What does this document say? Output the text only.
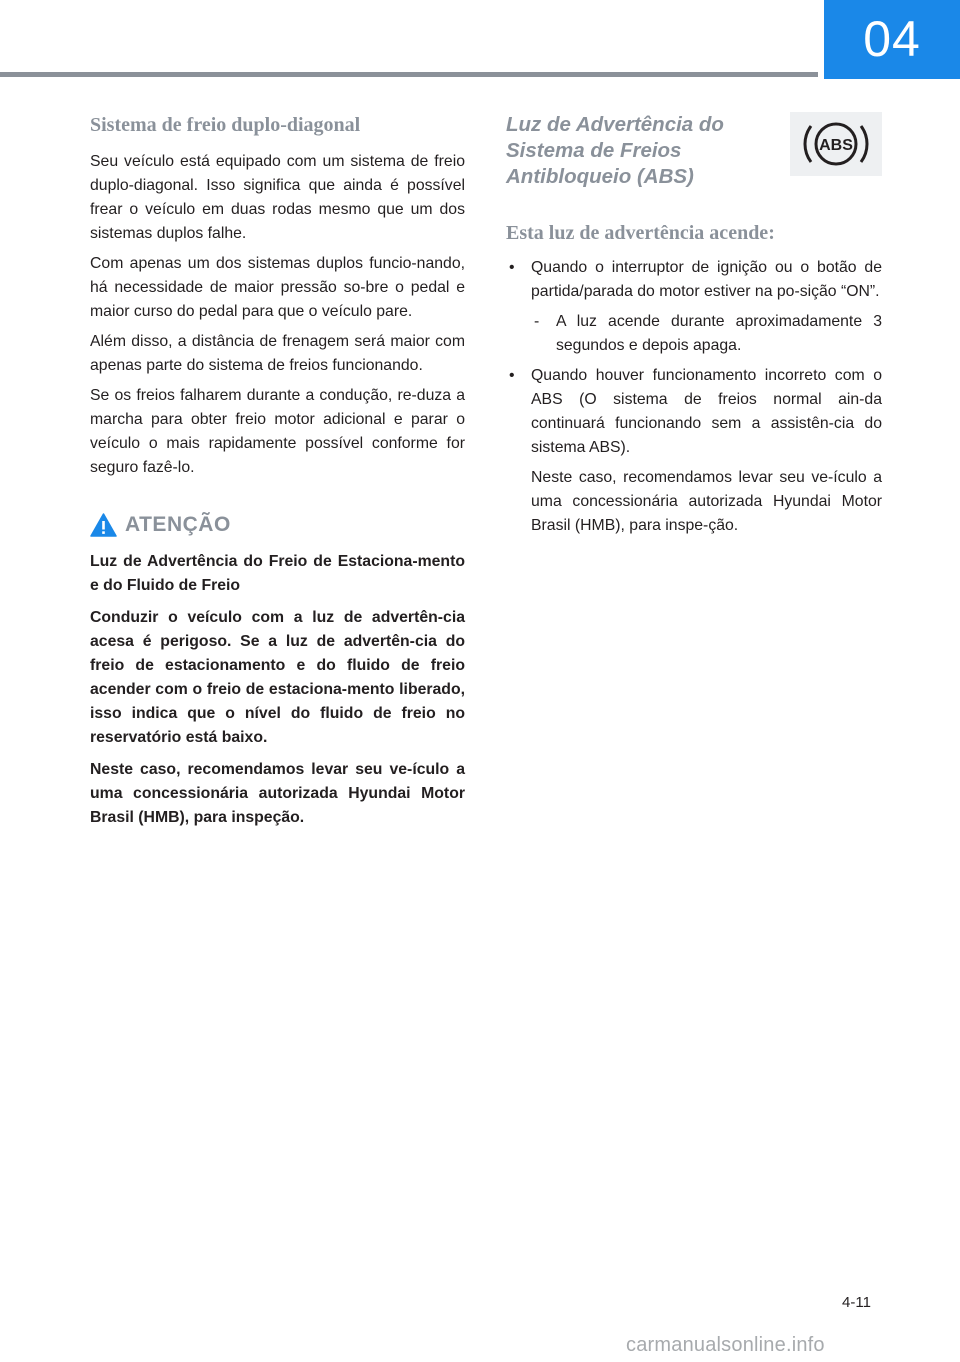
04
Sistema de freio duplo-diagonal

Seu veículo está equipado com um sistema de freio duplo-diagonal. Isso significa que ainda é possível frear o veículo em duas rodas mesmo que um dos sistemas duplos falhe.

Com apenas um dos sistemas duplos funcio-nando, há necessidade de maior pressão so-bre o pedal e maior curso do pedal para que o veículo pare.

Além disso, a distância de frenagem será maior com apenas parte do sistema de freios funcionando.

Se os freios falharem durante a condução, re-duza a marcha para obter freio motor adicional e parar o veículo o mais rapidamente possível conforme for seguro fazê-lo.

ATENÇÃO

Luz de Advertência do Freio de Estaciona-mento e do Fluido de Freio

Conduzir o veículo com a luz de advertên-cia acesa é perigoso. Se a luz de advertên-cia do freio de estacionamento e do fluido de freio acender com o freio de estaciona-mento liberado, isso indica que o nível do fluido de freio no reservatório está baixo.

Neste caso, recomendamos levar seu ve-ículo a uma concessionária autorizada Hyundai Motor Brasil (HMB), para inspeção.

Luz de Advertência do Sistema de Freios Antibloqueio (ABS)
ABS
Esta luz de advertência acende:
• Quando o interruptor de ignição ou o botão de partida/parada do motor estiver na po-sição “ON”.

- A luz acende durante aproximadamente 3 segundos e depois apaga.

• Quando houver funcionamento incorreto com o ABS (O sistema de freios normal ain-da continuará funcionando sem a assistên-cia do sistema ABS).

Neste caso, recomendamos levar seu ve-ículo a uma concessionária autorizada Hyundai Motor Brasil (HMB), para inspe-ção.

4-11
carmanualsonline.info
